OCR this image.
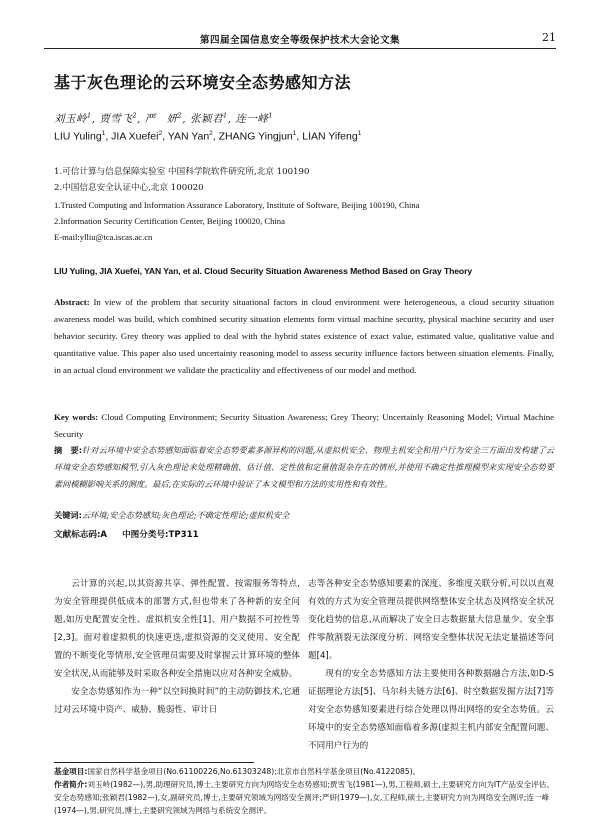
第四届全国信息安全等级保护技术大会论文集	21
基于灰色理论的云环境安全态势感知方法
刘玉岭$^1$, 贾雪飞$^2$, 严　妍$^2$, 张颖君$^1$, 连一峰$^1$
LIU Yuling$^1$, JIA Xuefei$^2$, YAN Yan$^2$, ZHANG Yingjun$^1$, LIAN Yifeng$^1$
1.可信计算与信息保障实验室 中国科学院软件研究所,北京 100190
2.中国信息安全认证中心,北京 100020
1.Trusted Computing and Information Assurance Laboratory, Institute of Software, Beijing 100190, China
2.Information Security Certification Center, Beijing 100020, China
E-mail:ylliu@tca.iscas.ac.cn
LIU Yuling, JIA Xuefei, YAN Yan, et al. Cloud Security Situation Awareness Method Based on Gray Theory
Abstract: In view of the problem that security situational factors in cloud environment were heterogeneous, a cloud security situation awareness model was build, which combined security situation elements form virtual machine security, physical machine security and user behavior security. Grey theory was applied to deal with the hybrid states existence of exact value, estimated value, qualitative value and quantitative value. This paper also used uncertainty reasoning model to assess security influence factors between situation elements. Finally, in an actual cloud environment we validate the practicality and effectiveness of our model and method.
Key words: Cloud Computing Environment; Security Situation Awareness; Grey Theory; Uncertainly Reasoning Model; Virtual Machine Security
摘　要:针对云环境中安全态势感知面临着安全态势要素多源异构的问题,从虚拟机安全、物理主机安全和用户行为安全三方面出发构建了云环境安全态势感知模型,引入灰色理论来处理精确值、估计值、定性值和定量值混杂存在的情形,并使用不确定性推理模型来实现安全态势要素间模糊影响关系的测度。最后,在实际的云环境中验证了本文模型和方法的实用性和有效性。
关键词:云环境;安全态势感知;灰色理论;不确定性理论;虚拟机安全
文献标志码:A 中图分类号:TP311

云计算的兴起,以其资源共享、弹性配置、按需服务等特点,为安全管理提供低成本的部署方式,但也带来了各种新的安全问题,如历史配置安全性、虚拟机安全性[1]、用户数据不可控性等[2,3]。面对着虚拟机的快速更迭,虚拟资源的交叉使用、安全配置的不断变化等情形,安全管理员需要及时掌握云计算环境的整体安全状况,从而能够及时采取各种安全措施以应对各种安全威胁。

安全态势感知作为一种“以空间换时间”的主动防御技术,它通过对云环境中资产、威胁、脆弱性、审计日

志等各种安全态势感知要素的深度、多维度关联分析,可以以直观有效的方式为安全管理员提供网络整体安全状态及网络安全状况变化趋势的信息,从而解决了安全日志数据量大信息量少、安全事件零散割裂无法深度分析、网络安全整体状况无法定量描述等问题[4]。

现有的安全态势感知方法主要使用各种数据融合方法,如D-S证据理论方法[5]、马尔科夫链方法[6]、时空数据发掘方法[7]等对安全态势感知要素进行综合处理以得出网络的安全态势值。云环境中的安全态势感知面临着多源(虚拟主机内部安全配置问题、不同用户行为的

基金项目:国家自然科学基金项目(No.61100226,No.61303248);北京市自然科学基金项目(No.4122085)。
作者简介:刘玉岭(1982—),男,助理研究员,博士,主要研究方向为网络安全态势感知;贾雪飞(1981—),男,工程师,硕士,主要研究方向为IT产品安全评估、安全态势感知;张颖君(1982—),女,副研究员,博士,主要研究领域为网络安全测评;严妍(1979—),女,工程师,硕士,主要研究方向为网络安全测评;连一峰(1974—),男,研究员,博士,主要研究领域为网络与系统安全测评。
